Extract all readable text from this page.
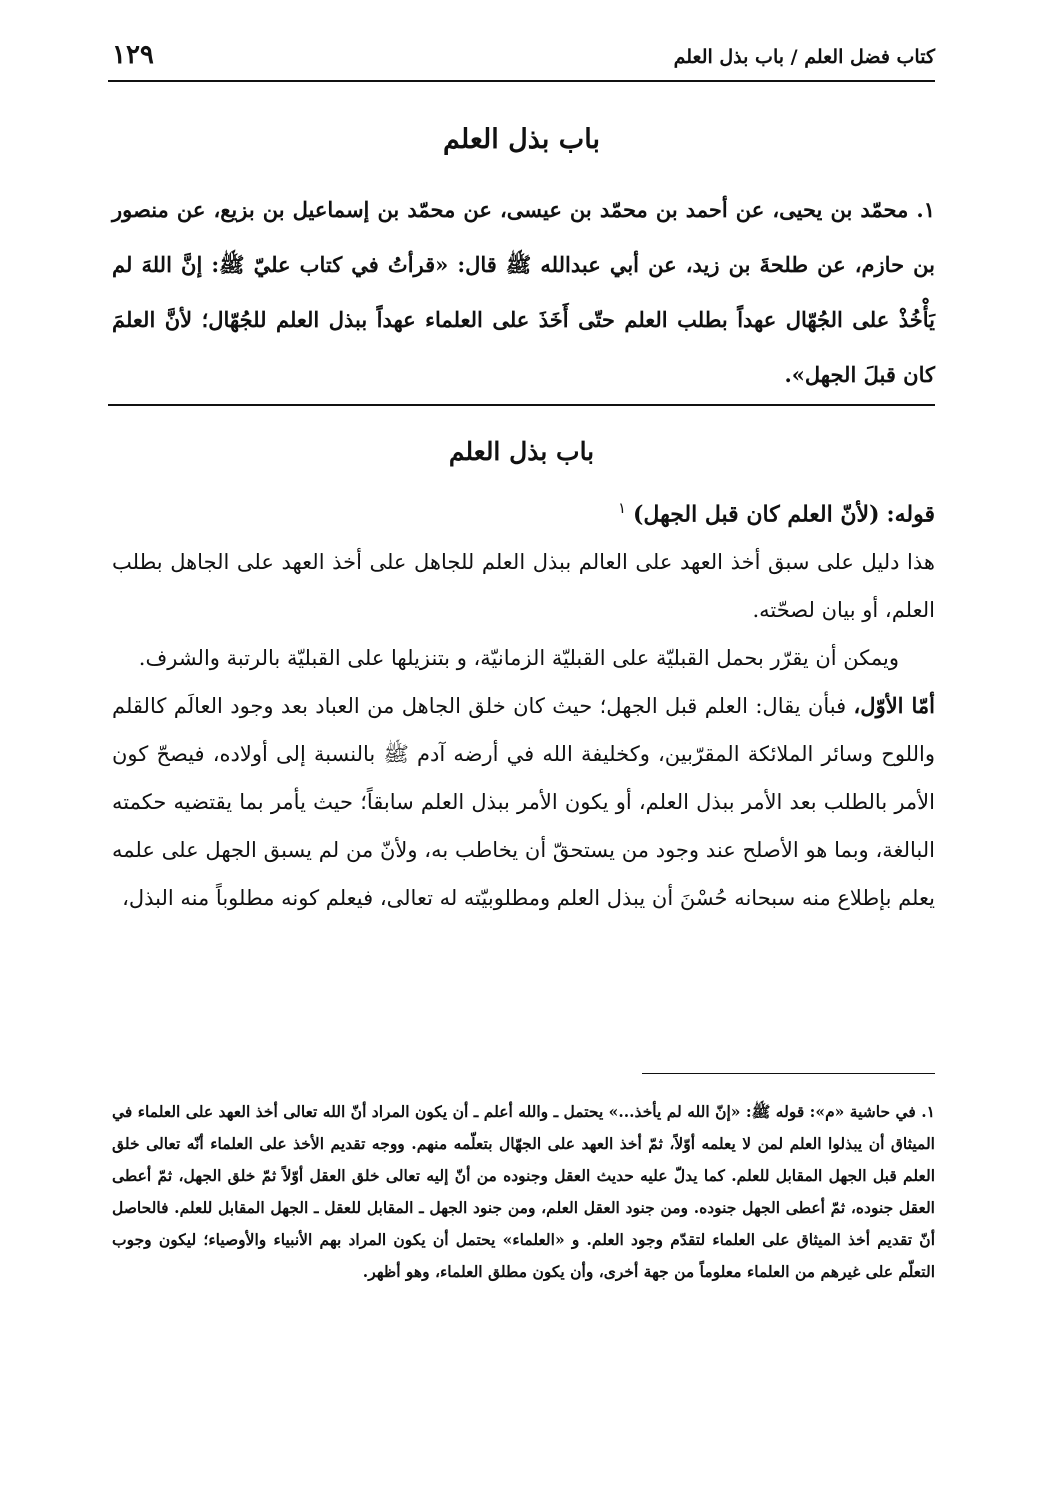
كتاب فضل العلم / باب بذل العلم
١٢٩
باب بذل العلم
١. محمّد بن يحيى، عن أحمد بن محمّد بن عيسى، عن محمّد بن إسماعيل بن بزيع، عن منصور بن حازم، عن طلحةَ بن زيد، عن أبي عبدالله ﷺ قال: «قرأتُ في كتاب عليّ ﷺ: إنَّ اللهَ لم يَأْخُذْ على الجُهّال عهداً بطلب العلم حتّى أَخَذَ على العلماء عهداً ببذل العلم للجُهّال؛ لأنَّ العلمَ كان قبلَ الجهل».
باب بذل العلم
قوله: (لأنّ العلم كان قبل الجهل) $^١$

هذا دليل على سبق أخذ العهد على العالم ببذل العلم للجاهل على أخذ العهد على الجاهل بطلب العلم، أو بيان لصحّته.

ويمكن أن يقرّر بحمل القبليّة على القبليّة الزمانيّة، و بتنزيلها على القبليّة بالرتبة والشرف.

أمّا الأوّل، فبأن يقال: العلم قبل الجهل؛ حيث كان خلق الجاهل من العباد بعد وجود العالَم كالقلم واللوح وسائر الملائكة المقرّبين، وكخليفة الله في أرضه آدم ﷺ بالنسبة إلى أولاده، فيصحّ كون الأمر بالطلب بعد الأمر ببذل العلم، أو يكون الأمر ببذل العلم سابقاً؛ حيث يأمر بما يقتضيه حكمته البالغة، وبما هو الأصلح عند وجود من يستحقّ أن يخاطب به، ولأنّ من لم يسبق الجهل على علمه يعلم بإطلاع منه سبحانه حُسْنَ أن يبذل العلم ومطلوبيّته له تعالى، فيعلم كونه مطلوباً منه البذل،

١. في حاشية «م»: قوله ﷺ: «إنّ الله لم يأخذ...» يحتمل ـ والله أعلم ـ أن يكون المراد أنّ الله تعالى أخذ العهد على العلماء في الميثاق أن يبذلوا العلم لمن لا يعلمه أوّلاً، ثمّ أخذ العهد على الجهّال بتعلّمه منهم. ووجه تقديم الأخذ على العلماء أنّه تعالى خلق العلم قبل الجهل المقابل للعلم. كما يدلّ عليه حديث العقل وجنوده من أنّ إليه تعالى خلق العقل أوّلاً ثمّ خلق الجهل، ثمّ أعطى العقل جنوده، ثمّ أعطى الجهل جنوده. ومن جنود العقل العلم، ومن جنود الجهل ـ المقابل للعقل ـ الجهل المقابل للعلم. فالحاصل أنّ تقديم أخذ الميثاق على العلماء لتقدّم وجود العلم. و «العلماء» يحتمل أن يكون المراد بهم الأنبياء والأوصياء؛ ليكون وجوب التعلّم على غيرهم من العلماء معلوماً من جهة أخرى، وأن يكون مطلق العلماء، وهو أظهر.
